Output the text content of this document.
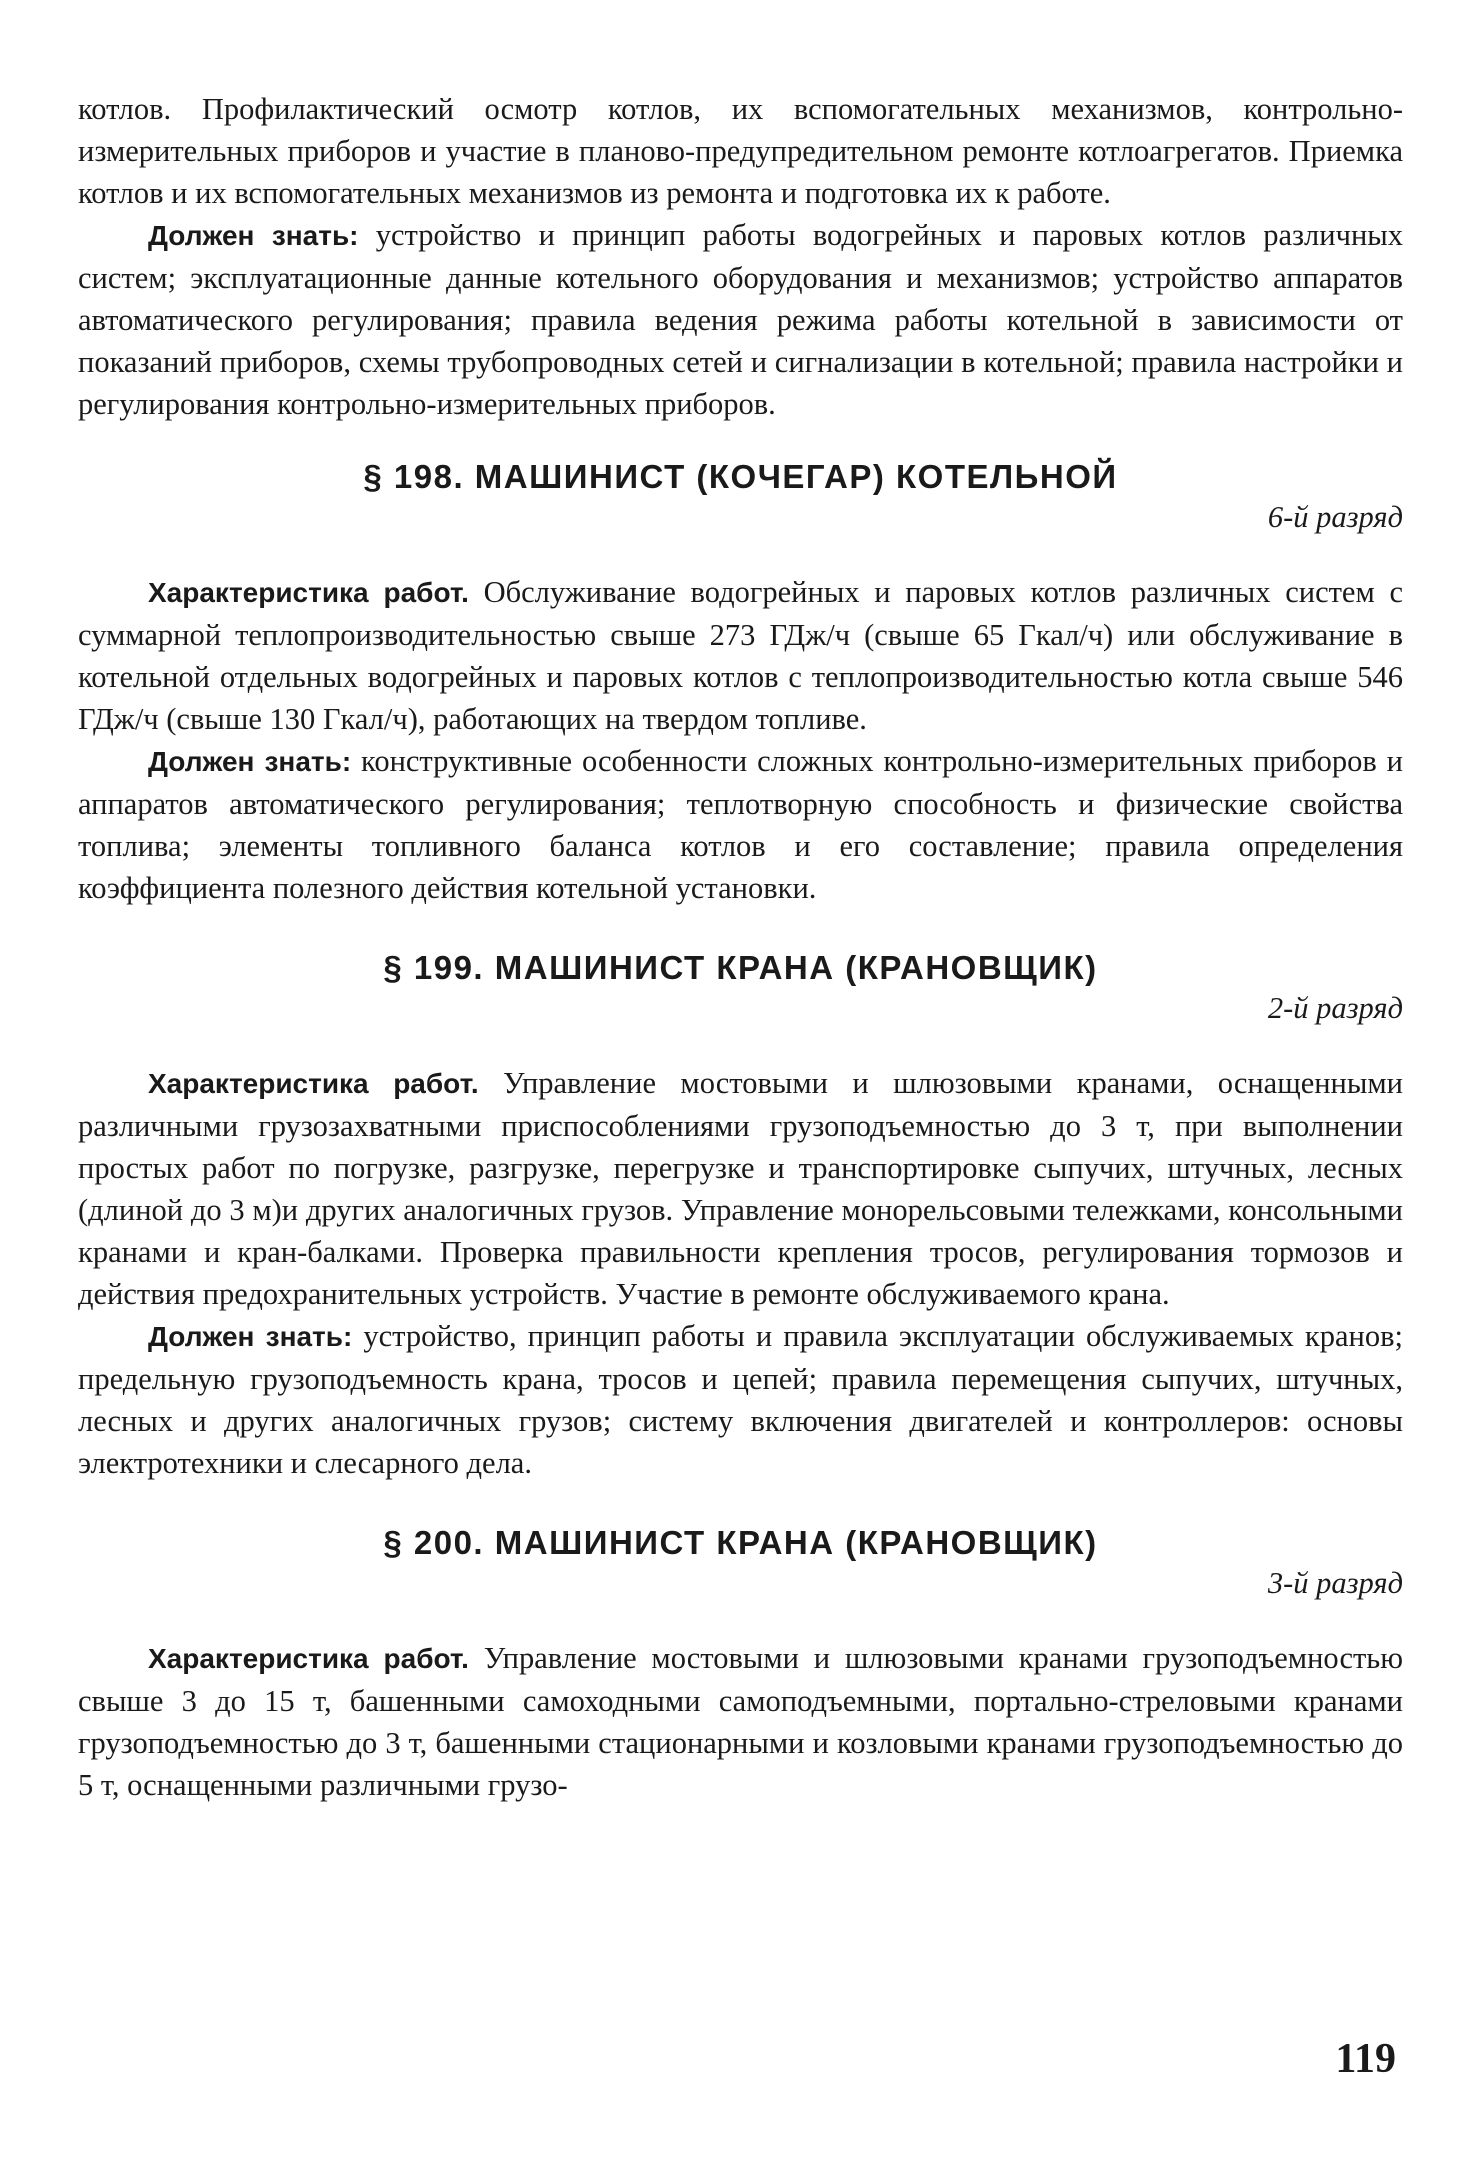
котлов. Профилактический осмотр котлов, их вспомогательных механизмов, контрольно-измерительных приборов и участие в планово-предупредительном ремонте котлоагрегатов. Приемка котлов и их вспомогательных механизмов из ремонта и подготовка их к работе.

Должен знать: устройство и принцип работы водогрейных и паровых котлов различных систем; эксплуатационные данные котельного оборудования и механизмов; устройство аппаратов автоматического регулирования; правила ведения режима работы котельной в зависимости от показаний приборов, схемы трубопроводных сетей и сигнализации в котельной; правила настройки и регулирования контрольно-измерительных приборов.

§ 198. МАШИНИСТ (КОЧЕГАР) КОТЕЛЬНОЙ

6-й разряд

Характеристика работ. Обслуживание водогрейных и паровых котлов различных систем с суммарной теплопроизводительностью свыше 273 ГДж/ч (свыше 65 Гкал/ч) или обслуживание в котельной отдельных водогрейных и паровых котлов с теплопроизводительностью котла свыше 546 ГДж/ч (свыше 130 Гкал/ч), работающих на твердом топливе.

Должен знать: конструктивные особенности сложных контрольно-измерительных приборов и аппаратов автоматического регулирования; теплотворную способность и физические свойства топлива; элементы топливного баланса котлов и его составление; правила определения коэффициента полезного действия котельной установки.

§ 199. МАШИНИСТ КРАНА (КРАНОВЩИК)

2-й разряд

Характеристика работ. Управление мостовыми и шлюзовыми кранами, оснащенными различными грузозахватными приспособлениями грузоподъемностью до 3 т, при выполнении простых работ по погрузке, разгрузке, перегрузке и транспортировке сыпучих, штучных, лесных (длиной до 3 м)и других аналогичных грузов. Управление монорельсовыми тележками, консольными кранами и кран-балками. Проверка правильности крепления тросов, регулирования тормозов и действия предохранительных устройств. Участие в ремонте обслуживаемого крана.

Должен знать: устройство, принцип работы и правила эксплуатации обслуживаемых кранов; предельную грузоподъемность крана, тросов и цепей; правила перемещения сыпучих, штучных, лесных и других аналогичных грузов; систему включения двигателей и контроллеров: основы электротехники и слесарного дела.

§ 200. МАШИНИСТ КРАНА (КРАНОВЩИК)

3-й разряд

Характеристика работ. Управление мостовыми и шлюзовыми кранами грузоподъемностью свыше 3 до 15 т, башенными самоходными самоподъемными, портально-стреловыми кранами грузоподъемностью до 3 т, башенными стационарными и козловыми кранами грузоподъемностью до 5 т, оснащенными различными грузо-

119
